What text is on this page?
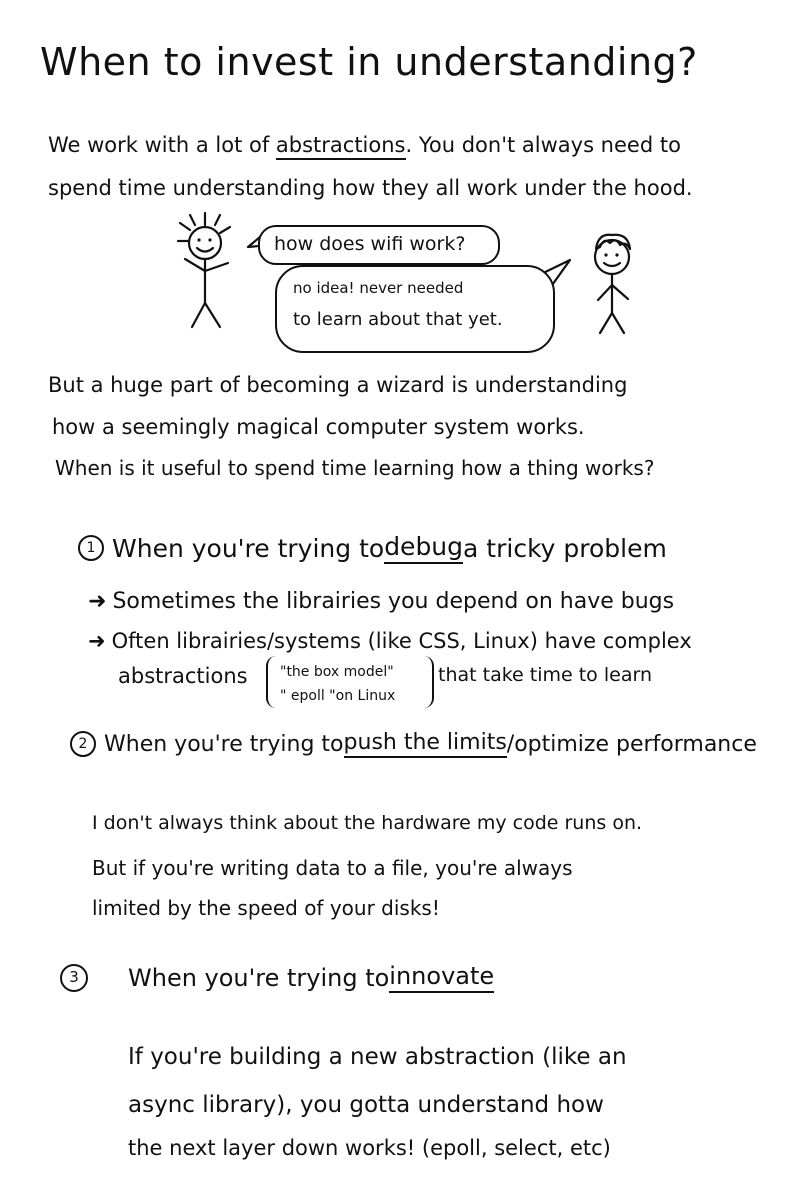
When to invest in understanding?
We work with a lot of abstractions. You don't always need to
spend time understanding how they all work under the hood.
how does wifi work?
no idea! never needed
to learn about that yet.
But a huge part of becoming a wizard is understanding
how a seemingly magical computer system works.
When is it useful to spend time learning how a thing works?
1 When you're trying to debug a tricky problem
➜ Sometimes the librairies you depend on have bugs
➜ Often librairies/systems (like CSS, Linux) have complex
abstractions "the box model"
" epoll "on Linux
that take time to learn
2 When you're trying to push the limits /optimize performance
I don't always think about the hardware my code runs on.
But if you're writing data to a file, you're always
limited by the speed of your disks!
3	When you're trying to innovate
If you're building a new abstraction (like an
async library), you gotta understand how
the next layer down works! (epoll, select, etc)
